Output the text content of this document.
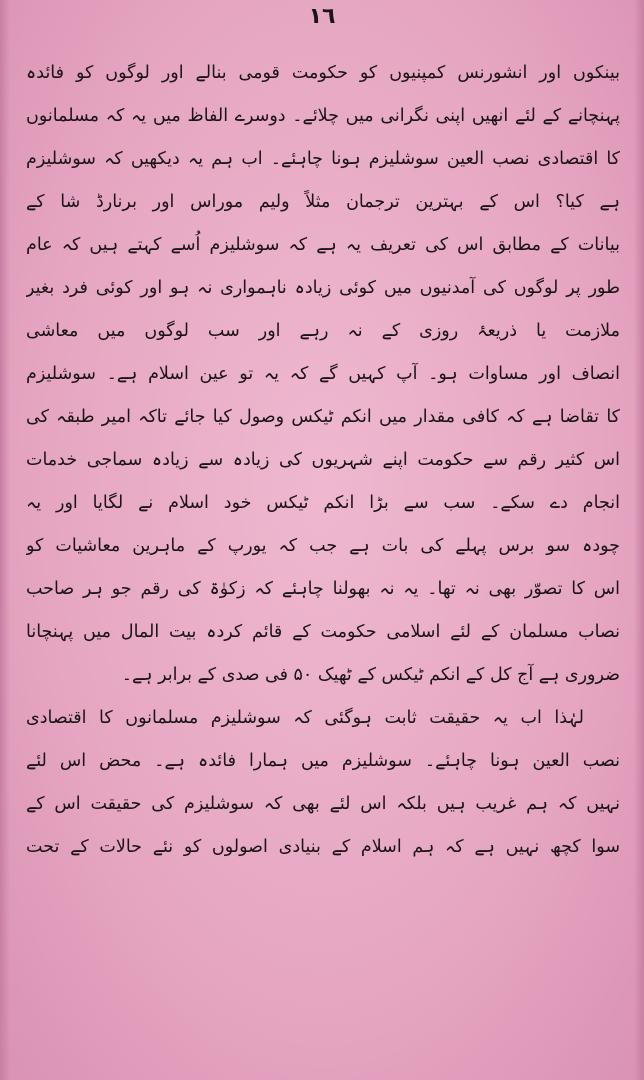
١٦
بینکوں اور انشورنس کمپنیوں کو حکومت قومی بنالے اور لوگوں کو فائدہ
پہنچانے کے لئے انھیں اپنی نگرانی میں چلائے۔ دوسرے الفاظ میں یہ کہ مسلمانوں
کا اقتصادی نصب العین سوشلیزم ہونا چاہئے۔ اب ہم یہ دیکھیں کہ سوشلیزم
ہے کیا؟ اس کے بہترین ترجمان مثلاً ولیم موراس اور برنارڈ شا کے
بیانات کے مطابق اس کی تعریف یہ ہے کہ سوشلیزم اُسے کہتے ہیں کہ عام
طور پر لوگوں کی آمدنیوں میں کوئی زیادہ ناہمواری نہ ہو اور کوئی فرد بغیر
ملازمت یا ذریعۂ روزی کے نہ رہے اور سب لوگوں میں معاشی
انصاف اور مساوات ہو۔ آپ کہیں گے کہ یہ تو عین اسلام ہے۔ سوشلیزم
کا تقاضا ہے کہ کافی مقدار میں انکم ٹیکس وصول کیا جائے تاکہ امیر طبقہ کی
اس کثیر رقم سے حکومت اپنے شہریوں کی زیادہ سے زیادہ سماجی خدمات
انجام دے سکے۔ سب سے بڑا انکم ٹیکس خود اسلام نے لگایا اور یہ
چودہ سو برس پہلے کی بات ہے جب کہ یورپ کے ماہرین معاشیات کو
اس کا تصوّر بھی نہ تھا۔ یہ نہ بھولنا چاہئے کہ زکوٰۃ کی رقم جو ہر صاحب
نصاب مسلمان کے لئے اسلامی حکومت کے قائم کردہ بیت المال میں پہنچانا
ضروری ہے آج کل کے انکم ٹیکس کے ٹھیک ۵۰ فی صدی کے برابر ہے۔
لہٰذا اب یہ حقیقت ثابت ہوگئی کہ سوشلیزم مسلمانوں کا اقتصادی
نصب العین ہونا چاہئے۔ سوشلیزم میں ہمارا فائدہ ہے۔ محض اس لئے
نہیں کہ ہم غریب ہیں بلکہ اس لئے بھی کہ سوشلیزم کی حقیقت اس کے
سوا کچھ نہیں ہے کہ ہم اسلام کے بنیادی اصولوں کو نئے حالات کے تحت
